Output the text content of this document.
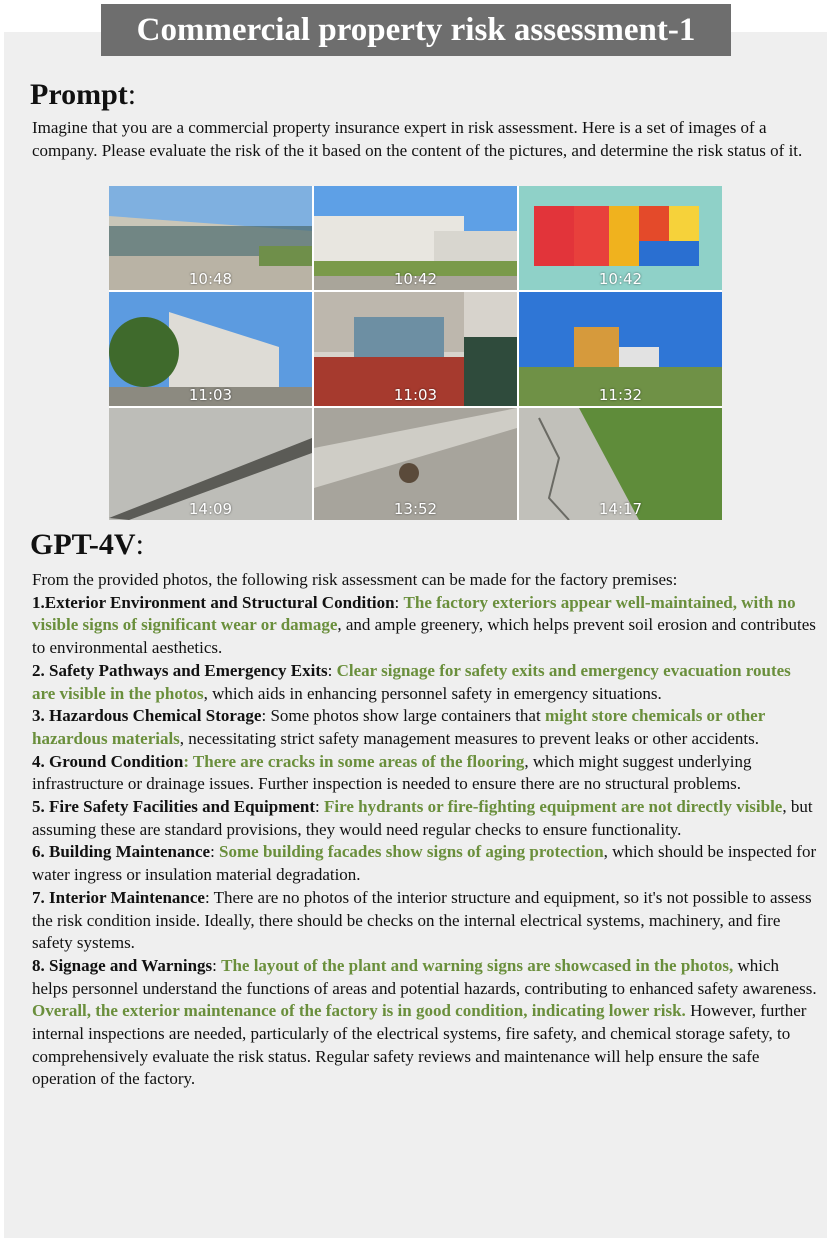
Commercial property risk assessment-1
Prompt:
Imagine that you are a commercial property insurance expert in risk assessment. Here is a set of images of a company. Please evaluate the risk of the it based on the content of the pictures, and determine the risk status of it.
10:48	10:42	10:42
11:03	11:03	11:32
14:09	13:52	14:17
GPT-4V:

From the provided photos, the following risk assessment can be made for the factory premises:

1.Exterior Environment and Structural Condition: The factory exteriors appear well-maintained, with no visible signs of significant wear or damage, and ample greenery, which helps prevent soil erosion and contributes to environmental aesthetics.

2. Safety Pathways and Emergency Exits: Clear signage for safety exits and emergency evacuation routes are visible in the photos, which aids in enhancing personnel safety in emergency situations.

3. Hazardous Chemical Storage: Some photos show large containers that might store chemicals or other hazardous materials, necessitating strict safety management measures to prevent leaks or other accidents.

4. Ground Condition: There are cracks in some areas of the flooring, which might suggest underlying infrastructure or drainage issues. Further inspection is needed to ensure there are no structural problems.

5. Fire Safety Facilities and Equipment: Fire hydrants or fire-fighting equipment are not directly visible, but assuming these are standard provisions, they would need regular checks to ensure functionality.

6. Building Maintenance: Some building facades show signs of aging protection, which should be inspected for water ingress or insulation material degradation.

7. Interior Maintenance: There are no photos of the interior structure and equipment, so it's not possible to assess the risk condition inside. Ideally, there should be checks on the internal electrical systems, machinery, and fire safety systems.

8. Signage and Warnings: The layout of the plant and warning signs are showcased in the photos, which helps personnel understand the functions of areas and potential hazards, contributing to enhanced safety awareness.

Overall, the exterior maintenance of the factory is in good condition, indicating lower risk. However, further internal inspections are needed, particularly of the electrical systems, fire safety, and chemical storage safety, to comprehensively evaluate the risk status. Regular safety reviews and maintenance will help ensure the safe operation of the factory.
